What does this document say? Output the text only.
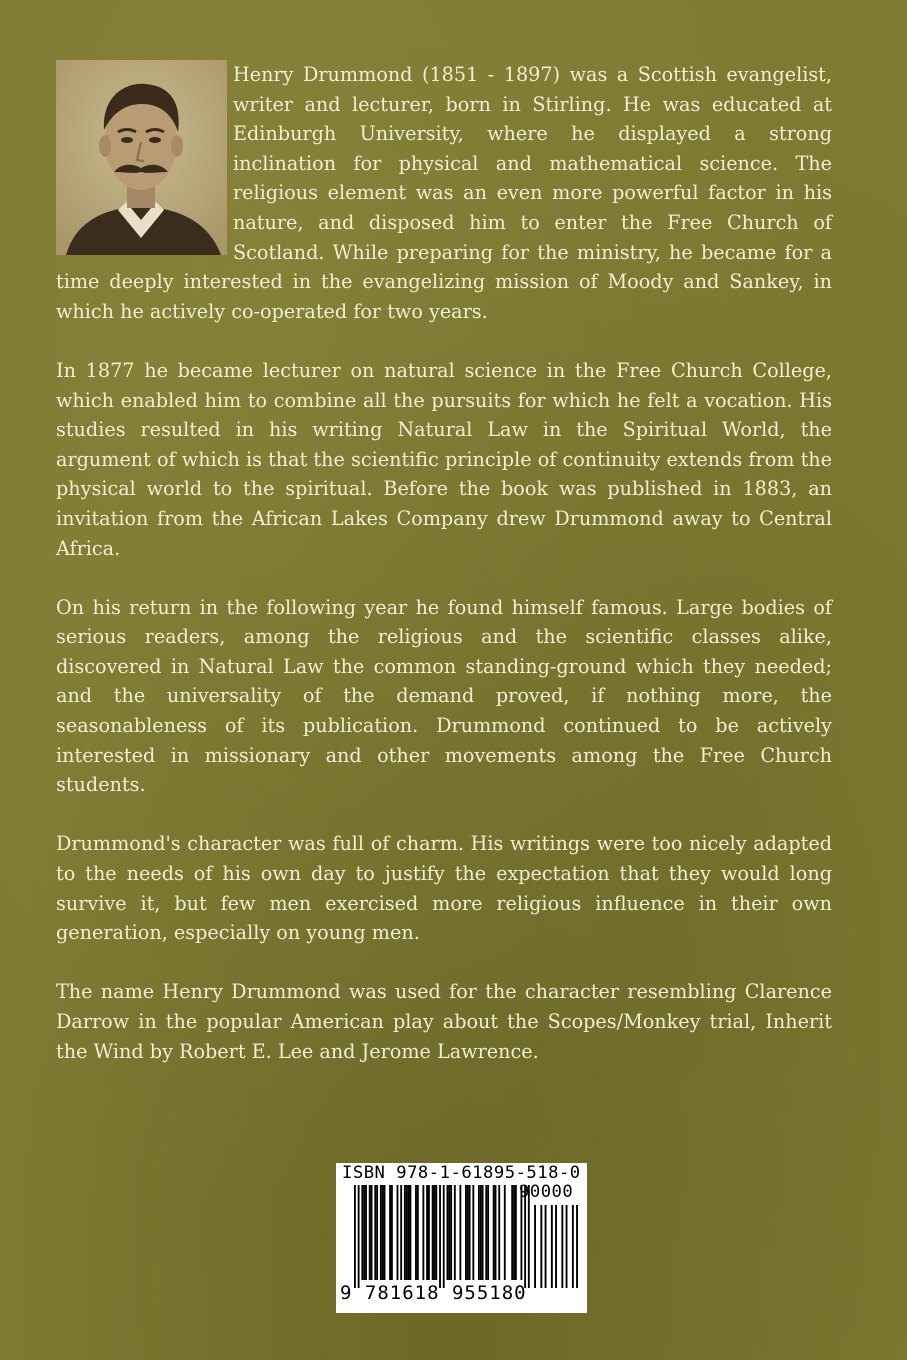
Henry Drummond (1851 - 1897) was a Scottish evangelist, writer and lecturer, born in Stirling. He was educated at Edinburgh University, where he displayed a strong inclination for physical and mathematical science. The religious element was an even more powerful factor in his nature, and disposed him to enter the Free Church of Scotland. While preparing for the ministry, he became for a time deeply interested in the evangelizing mission of Moody and Sankey, in which he actively co-operated for two years.

In 1877 he became lecturer on natural science in the Free Church College, which enabled him to combine all the pursuits for which he felt a vocation. His studies resulted in his writing Natural Law in the Spiritual World, the argument of which is that the scientific principle of continuity extends from the physical world to the spiritual. Before the book was published in 1883, an invitation from the African Lakes Company drew Drummond away to Central Africa.

On his return in the following year he found himself famous. Large bodies of serious readers, among the religious and the scientific classes alike, discovered in Natural Law the common standing-ground which they needed; and the universality of the demand proved, if nothing more, the seasonableness of its publication. Drummond continued to be actively interested in missionary and other movements among the Free Church students.

Drummond's character was full of charm. His writings were too nicely adapted to the needs of his own day to justify the expectation that they would long survive it, but few men exercised more religious influence in their own generation, especially on young men.

The name Henry Drummond was used for the character resembling Clarence Darrow in the popular American play about the Scopes/Monkey trial, Inherit the Wind by Robert E. Lee and Jerome Lawrence.

ISBN 978-1-61895-518-0
90000
9 781618 955180
